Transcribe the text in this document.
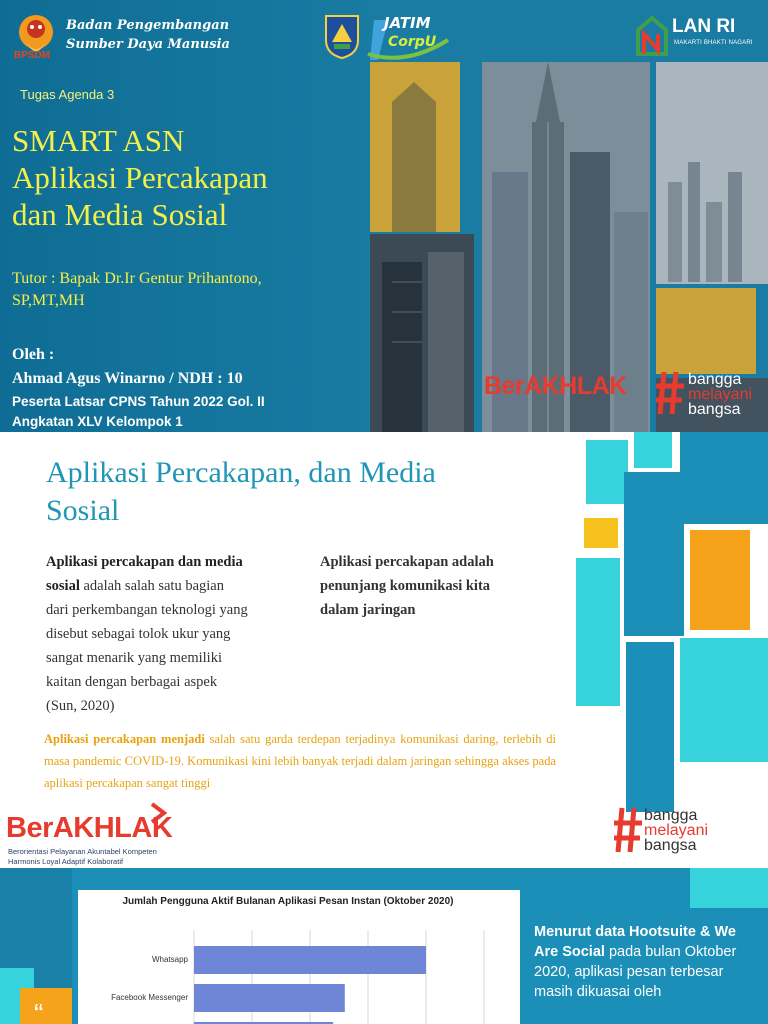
BPSDM
Badan Pengembangan
Sumber Daya Manusia
JATIM
CorpU
LAN RI
MAKARTI BHAKTI NAGARI
Tugas Agenda 3
SMART ASN
Aplikasi Percakapan
dan Media Sosial
Tutor : Bapak Dr.Ir Gentur Prihantono,
SP,MT,MH
Oleh :
Ahmad Agus Winarno / NDH : 10
Peserta Latsar CPNS Tahun 2022 Gol. II
Angkatan XLV Kelompok 1
BerAKHLAK	bangga
melayani
bangsa
Aplikasi Percakapan, dan Media
Sosial
Aplikasi percakapan dan media
sosial adalah salah satu bagian
dari perkembangan teknologi yang
disebut sebagai tolok ukur yang
sangat menarik yang memiliki
kaitan dengan berbagai aspek
(Sun, 2020)
Aplikasi percakapan adalah
penunjang komunikasi kita
dalam jaringan
Aplikasi percakapan menjadi salah satu garda terdepan terjadinya komunikasi daring, terlebih di masa pandemic COVID-19. Komunikasi kini lebih banyak terjadi dalam jaringan sehingga akses pada aplikasi percakapan sangat tinggi
BerAKHLAK
Berorientasi Pelayanan Akuntabel Kompeten
Harmonis Loyal Adaptif Kolaboratif
bangga
melayani
bangsa
“
Jumlah Pengguna Aktif Bulanan Aplikasi Pesan Instan (Oktober 2020)
Whatsapp
Facebook Messenger
Menurut data Hootsuite & We Are Social pada bulan Oktober 2020, aplikasi pesan terbesar masih dikuasai oleh
